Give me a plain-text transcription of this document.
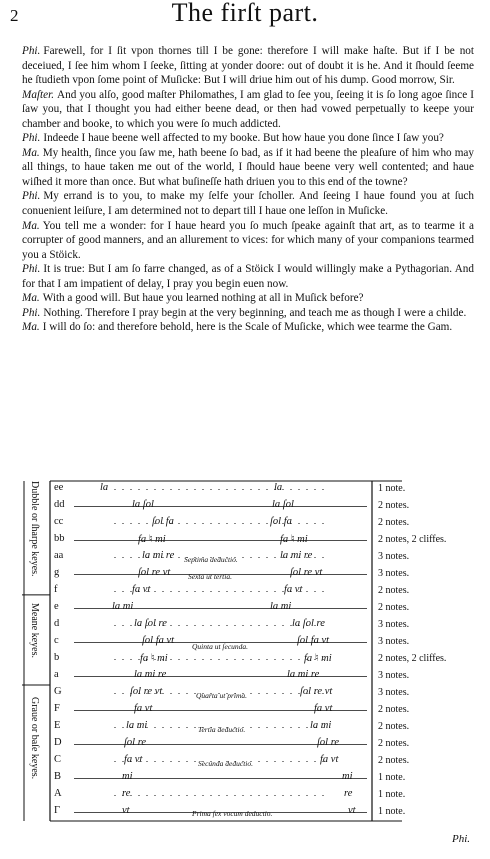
2	The firſt part.

Phi. Farewell, for I ſit vpon thornes till I be gone: therefore I will make haſte. But if I be not deceiued, I ſee him whom I ſeeke, ſitting at yonder doore: out of doubt it is he. And it ſhould ſeeme he ſtudieth vpon ſome point of Muſicke: But I will driue him out of his dump. Good morrow, Sir.

Maſter. And you alſo, good maſter Philomathes, I am glad to ſee you, ſeeing it is ſo long agoe ſince I ſaw you, that I thought you had either beene dead, or then had vowed perpetually to keepe your chamber and booke, to which you were ſo much addicted.

Phi. Indeede I haue beene well affected to my booke. But how haue you done ſince I ſaw you?

Ma. My health, ſince you ſaw me, hath beene ſo bad, as if it had beene the pleaſure of him who may all things, to haue taken me out of the world, I ſhould haue beene very well contented; and haue wiſhed it more than once. But what buſineſſe hath driuen you to this end of the towne?

Phi. My errand is to you, to make my ſelfe your ſcholler. And ſeeing I haue found you at ſuch conuenient leiſure, I am determined not to depart till I haue one leſſon in Muſicke.

Ma. You tell me a wonder: for I haue heard you ſo much ſpeake againſt that art, as to tearme it a corrupter of good manners, and an allurement to vices: for which many of your companions tearmed you a Stöick.

Phi. It is true: But I am ſo farre changed, as of a Stöick I would willingly make a Pythagorian. And for that I am impatient of delay, I pray you begin euen now.

Ma. With a good will. But haue you learned nothing at all in Muſick before?

Phi. Nothing. Therefore I pray begin at the very beginning, and teach me as though I were a childe.

Ma. I will do ſo: and therefore behold, here is the Scale of Muſicke, which wee tearme the Gam.

Dubble or ſharpe keyes.
Meane keyes.
Graue or baſe keyes.
ee	la	la	1 note.
dd	la ſol	la ſol	2 notes.
cc	ſol fa	ſol fa	2 notes.
bb	fa ♮ mi	fa ♮ mi	2 notes, 2 cliffes.
aa	la mi re	la mi re	3 notes.
g	ſol re vt	ſol re vt	3 notes.
f	fa vt	fa vt	2 notes.
e	la mi	la mi	2 notes.
d	la ſol re	la ſol re	3 notes.
c	ſol fa vt	ſol fa vt	3 notes.
b	fa ♮ mi	fa ♮ mi	2 notes, 2 cliffes.
a	la mi re	la mi re	3 notes.
G	ſol re vt	ſol re vt	3 notes.
F	fa vt	fa vt	2 notes.
E	la mi	la mi	2 notes.
D	ſol re	ſol re	2 notes.
C	fa vt	fa vt	2 notes.
B	mi	mi	1 note.
A	re	re	1 note.
Γ	vt	vt 1 note.
Septima deductio.
Sexta ut tertia.
Quinta ut ſecunda.
Quarta ut prima.
Tertia deductio.
Secunda deductio.
Prima ſex vocum deductio.
Phi.
